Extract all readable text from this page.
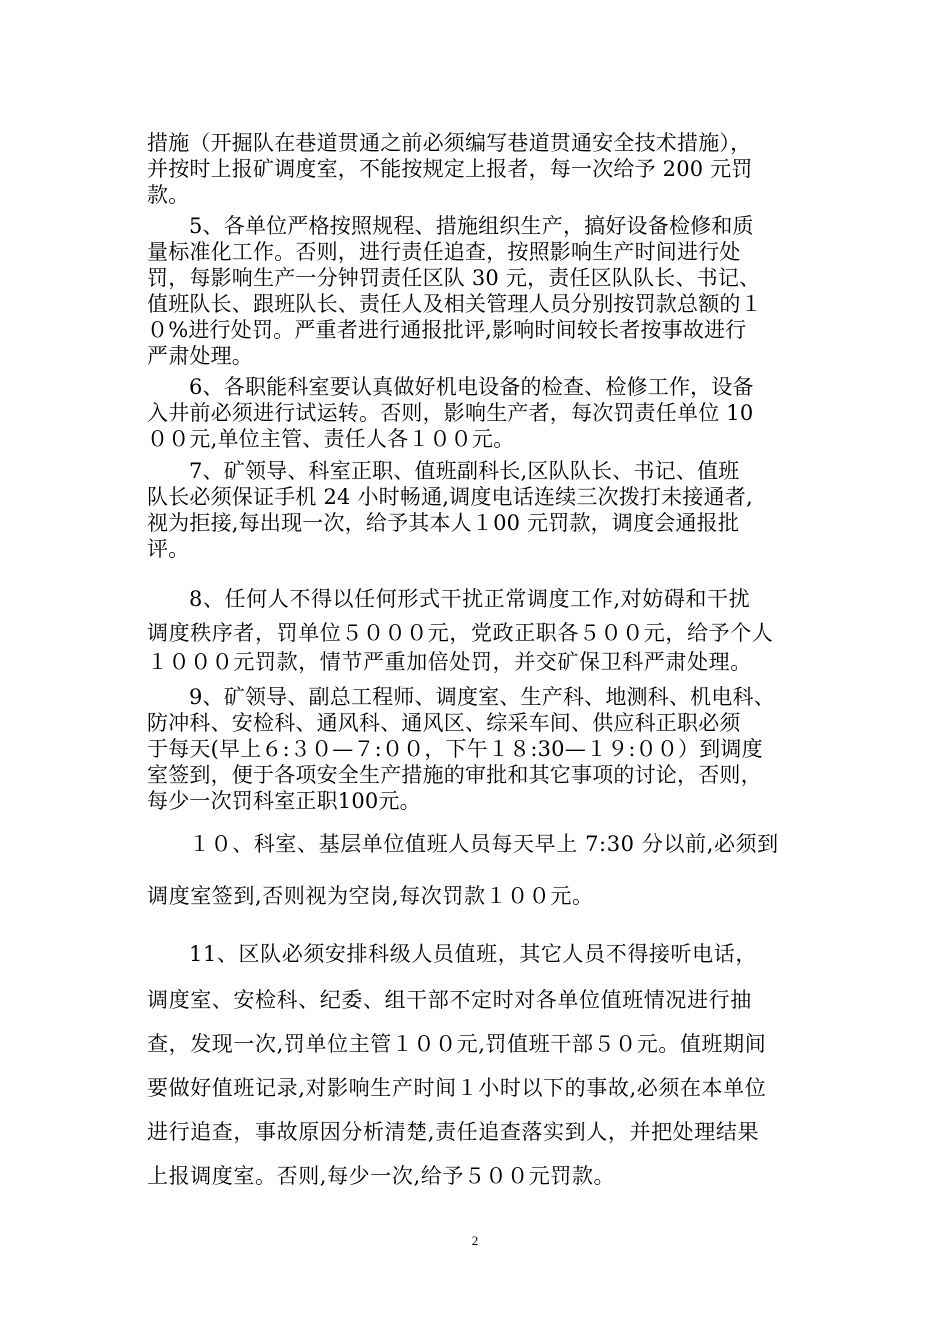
措施（开掘队在巷道贯通之前必须编写巷道贯通安全技术措施），
并按时上报矿调度室，不能按规定上报者，每一次给予 200 元罚
款。
5、各单位严格按照规程、措施组织生产，搞好设备检修和质
量标准化工作。否则，进行责任追查，按照影响生产时间进行处
罚，每影响生产一分钟罚责任区队 30 元，责任区队队长、书记、
值班队长、跟班队长、责任人及相关管理人员分别按罚款总额的１
０%进行处罚。严重者进行通报批评,影响时间较长者按事故进行
严肃处理。
6、各职能科室要认真做好机电设备的检查、检修工作，设备
入井前必须进行试运转。否则，影响生产者，每次罚责任单位 10
００元,单位主管、责任人各１００元。
7、矿领导、科室正职、值班副科长,区队队长、书记、值班
队长必须保证手机 24 小时畅通,调度电话连续三次拨打未接通者,
视为拒接,每出现一次，给予其本人１00 元罚款，调度会通报批
评。
8、任何人不得以任何形式干扰正常调度工作,对妨碍和干扰
调度秩序者，罚单位５０００元，党政正职各５００元，给予个人
１０００元罚款，情节严重加倍处罚，并交矿保卫科严肃处理。
9、矿领导、副总工程师、调度室、生产科、地测科、机电科、
防冲科、安检科、通风科、通风区、综采车间、供应科正职必须
于每天(早上６:３０—７:００，下午１８:30—１９:００）到调度
室签到，便于各项安全生产措施的审批和其它事项的讨论，否则，
每少一次罚科室正职100元。
１０、科室、基层单位值班人员每天早上 7:30 分以前,必须到
调度室签到,否则视为空岗,每次罚款１００元。
11、区队必须安排科级人员值班，其它人员不得接听电话，
调度室、安检科、纪委、组干部不定时对各单位值班情况进行抽
查，发现一次,罚单位主管１００元,罚值班干部５０元。值班期间
要做好值班记录,对影响生产时间１小时以下的事故,必须在本单位
进行追查，事故原因分析清楚,责任追查落实到人，并把处理结果
上报调度室。否则,每少一次,给予５００元罚款。
2
